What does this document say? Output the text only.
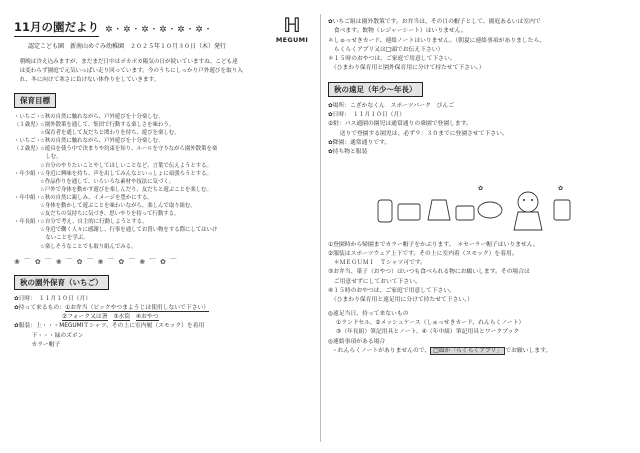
11月の園だより ✲･✲･✲･✲･✲･✲･	ℍ
MEGUMI
認定こども園　新南山めぐみ幼稚園　２０２５年１０月３０日（木）発行
朝晩は冷え込みますが、まだまだ日中はポカポカ陽気の日が続いていますね。こども達
は変わらず園庭で元気いっぱい走り回っています。今のうちにしっかり戸外遊びを取り入
れ、冬に向けて寒さに負けない体作りをしていきます。
保育目標
・いちご・
（１歳児）
☆秋の自然に触れながら、戸外遊びを十分楽しむ。
☆園外散策を通して、集団で行動する楽しさを味わう。
☆保育者を通して友だちと関わりを持ち、遊びを楽しむ。
・いちご・
（２歳児）
☆秋の自然に触れながら、戸外遊びを十分楽しむ。
☆遊具を使う中で決まりや約束を知り、ルールを守りながら園外散策を楽
　しむ。
☆自分のやりたいことやしてほしいことなど、言葉で伝えようとする。
・年少組・ ☆身近に興味を持ち、声を出してみんなといっしょに頑張ろうとする。
☆作品作りを通して、いろいろな素材や技法に気づく。
☆戸外で身体を動かす遊びを楽しんだり、友だちと遊ぶことを楽しむ。
・年中組・ ☆秋の自然に親しみ、イメージを豊かにする。
☆身体を動かして遊ぶことを味わいながら、楽しんで取り組む。
☆友だちの気持ちに気づき、思いやりを持って行動する。
・年長組・ ☆自分で考え、自主的に行動しようとする。
☆身近で働く人々に感謝し、行事を通してお買い物をする際にしてはいけ
　ないことを学ぶ。
☆楽しそうなことでも取り組んでみる。
❀⌒✿⌒❀⌒✿⌒❀⌒✿⌒❀⌒✿⌒
秋の園外保育（いちご）
✿日時：　１１月１０日（月）
✿持って来るもの：①お弁当（ピックやつまようじは使用しないで下さい）
②フォーク又は箸　 ③水筒　 ④おやつ
✿服装：上・・・MEGUMIＴシャツ、その上に室内履（スモック）を着用
　　　下・・・緑のズボン
　　　カラー帽子
✿いちご組は園外散策です。お弁当は、その日の帽子として、園庭あるいは室内で
　食べます。飲物（レジャーシート）はいりません。
＊しゅっせきカード、連絡ノートはいりません。（朝夏に連絡事項がありましたら、
　らくらくアプリ又は□頭でお伝え下さい）
＊１５時のおやつは、ご家庭で用意して下さい。
　（ひまわり保育用と園外保育用に分けて持たせて下さい。）
秋の遠足（年少～年長）
✿場所：こざかなくん　スポーツパーク　びんご
✿日時：　１１月１０日（月）
②駐：バス通園の園児は通常通りの乗園で登園します。
　　送りで登園する園児は、必ず９：３０までに登園させて下さい。
✿降園：通常通りです。
✿持ち物と服装
✿	✿
①登園時から帰園までカラー帽子をかぶります。　＊セーラー帽子はいりません。
②服装はスポーツウェア上下です。その上に室内着（スモック）を着用。
　＊ＭＥＧＵＭＩ　Ｔシャツ可です。
③お弁当、菓子（おやつ）はいつも食べられる物にお願いします。その場合は
　ご用意せずにしておいて下さい。
④１５時のおやつは、ご家庭で用意して下さい。
　（ひまわり保育用と遠足用に分けて持たせて下さい。）
◎遠足当日、持って来ないもの
①ランドセル、②メッシュケース（しゅっせきカード、れんらくノート）
③（年長組）筆記用具とノート、④（年中組）筆記用具とワークブック
◎連絡事項がある場合
・れんらくノートがありませんので、 □頭か「らくらくアプリ」 でお願いします。
